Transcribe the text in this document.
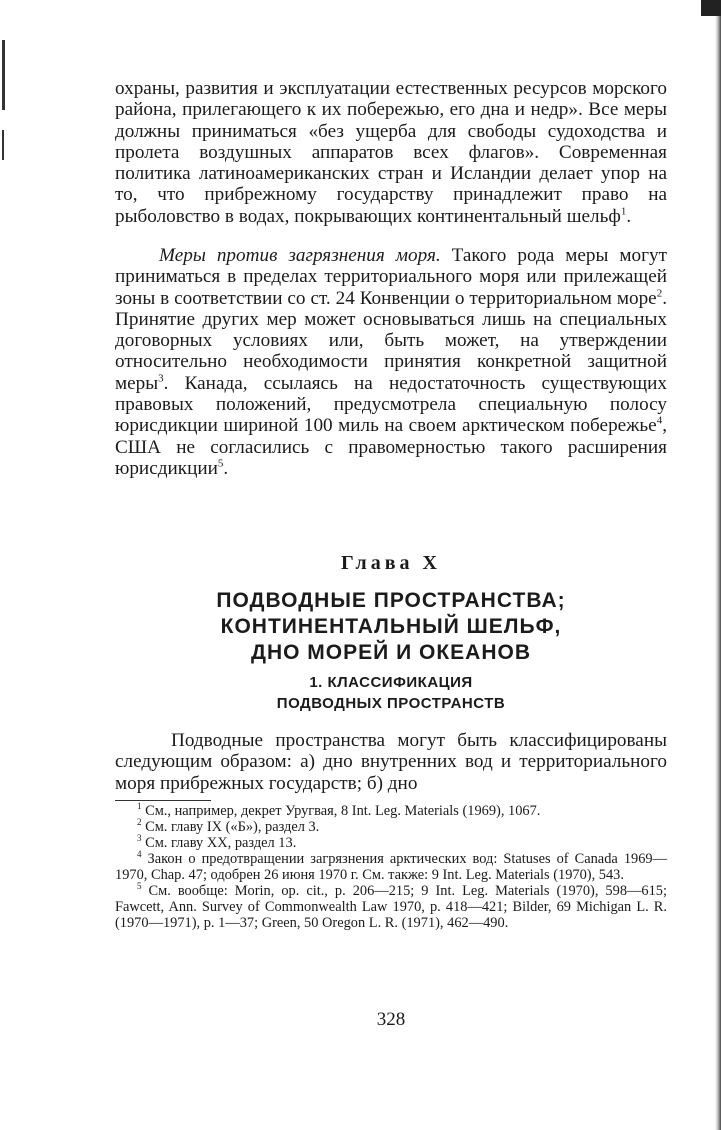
охраны, развития и эксплуатации естественных ресурсов морского района, прилегающего к их побережью, его дна и недр». Все меры должны приниматься «без ущерба для свободы судоходства и пролета воздушных аппаратов всех флагов». Современная политика латиноамериканских стран и Исландии делает упор на то, что прибрежному государству принадлежит право на рыболовство в водах, покрывающих континентальный шельф$^1$.

Меры против загрязнения моря. Такого рода меры могут приниматься в пределах территориального моря или прилежащей зоны в соответствии со ст. 24 Конвенции о территориальном море$^2$. Принятие других мер может основываться лишь на специальных договорных условиях или, быть может, на утверждении относительно необходимости принятия конкретной защитной меры$^3$. Канада, ссылаясь на недостаточность существующих правовых положений, предусмотрела специальную полосу юрисдикции шириной 100 миль на своем арктическом побережье$^4$, США не согласились с правомерностью такого расширения юрисдикции$^5$.

Глава X

ПОДВОДНЫЕ ПРОСТРАНСТВА;
КОНТИНЕНТАЛЬНЫЙ ШЕЛЬФ,
ДНО МОРЕЙ И ОКЕАНОВ
1. КЛАССИФИКАЦИЯ
ПОДВОДНЫХ ПРОСТРАНСТВ

Подводные пространства могут быть классифицированы следующим образом: а) дно внутренних вод и территориального моря прибрежных государств; б) дно

$^1$ См., например, декрет Уругвая, 8 Int. Leg. Materials (1969), 1067.
$^2$ См. главу IX («Б»), раздел 3.
$^3$ См. главу XX, раздел 13.
$^4$ Закон о предотвращении загрязнения арктических вод: Statuses of Canada 1969—1970, Chap. 47; одобрен 26 июня 1970 г. См. также: 9 Int. Leg. Materials (1970), 543.
$^5$ См. вообще: Morin, op. cit., p. 206—215; 9 Int. Leg. Materials (1970), 598—615; Fawcett, Ann. Survey of Commonwealth Law 1970, p. 418—421; Bilder, 69 Michigan L. R. (1970—1971), p. 1—37; Green, 50 Oregon L. R. (1971), 462—490.
328
